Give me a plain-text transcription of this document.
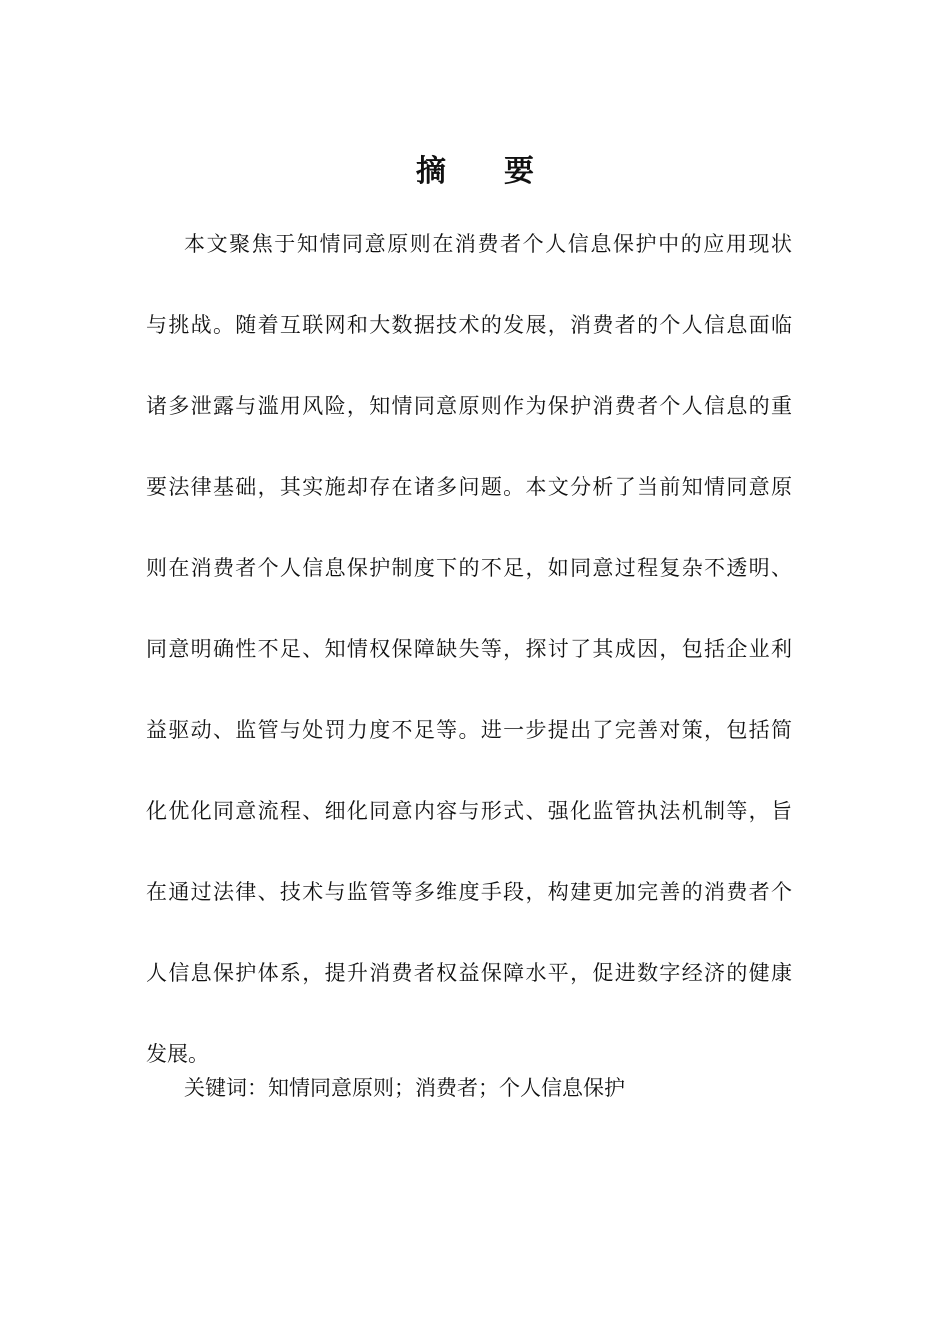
摘 要
本文聚焦于知情同意原则在消费者个人信息保护中的应用现状
与挑战。随着互联网和大数据技术的发展，消费者的个人信息面临
诸多泄露与滥用风险，知情同意原则作为保护消费者个人信息的重
要法律基础，其实施却存在诸多问题。本文分析了当前知情同意原
则在消费者个人信息保护制度下的不足，如同意过程复杂不透明、
同意明确性不足、知情权保障缺失等，探讨了其成因，包括企业利
益驱动、监管与处罚力度不足等。进一步提出了完善对策，包括简
化优化同意流程、细化同意内容与形式、强化监管执法机制等，旨
在通过法律、技术与监管等多维度手段，构建更加完善的消费者个
人信息保护体系，提升消费者权益保障水平，促进数字经济的健康
发展。
关键词：知情同意原则；消费者；个人信息保护
